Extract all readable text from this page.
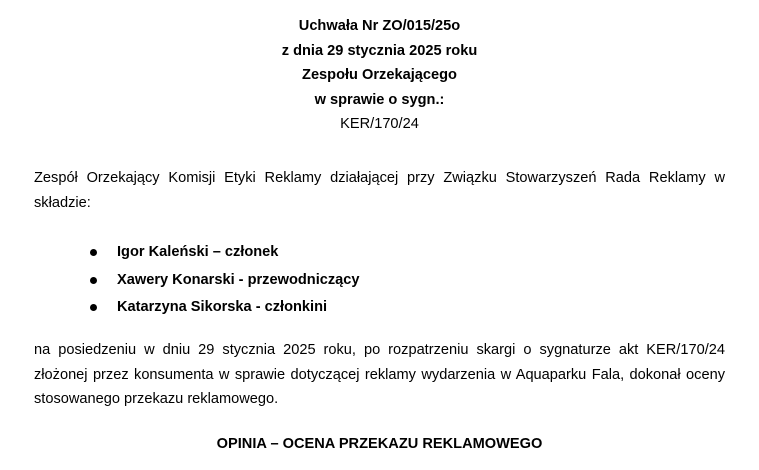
Uchwała Nr ZO/015/25o
z dnia 29 stycznia 2025 roku
Zespołu Orzekającego
w sprawie o sygn.:
KER/170/24
Zespół Orzekający Komisji Etyki Reklamy działającej przy Związku Stowarzyszeń Rada Reklamy w składzie:
Igor Kaleński – członek
Xawery Konarski - przewodniczący
Katarzyna Sikorska - członkini
na posiedzeniu w dniu 29 stycznia 2025 roku, po rozpatrzeniu skargi o sygnaturze akt KER/170/24 złożonej przez konsumenta w sprawie dotyczącej reklamy wydarzenia w Aquaparku Fala, dokonał oceny stosowanego przekazu reklamowego.
OPINIA – OCENA PRZEKAZU REKLAMOWEGO
